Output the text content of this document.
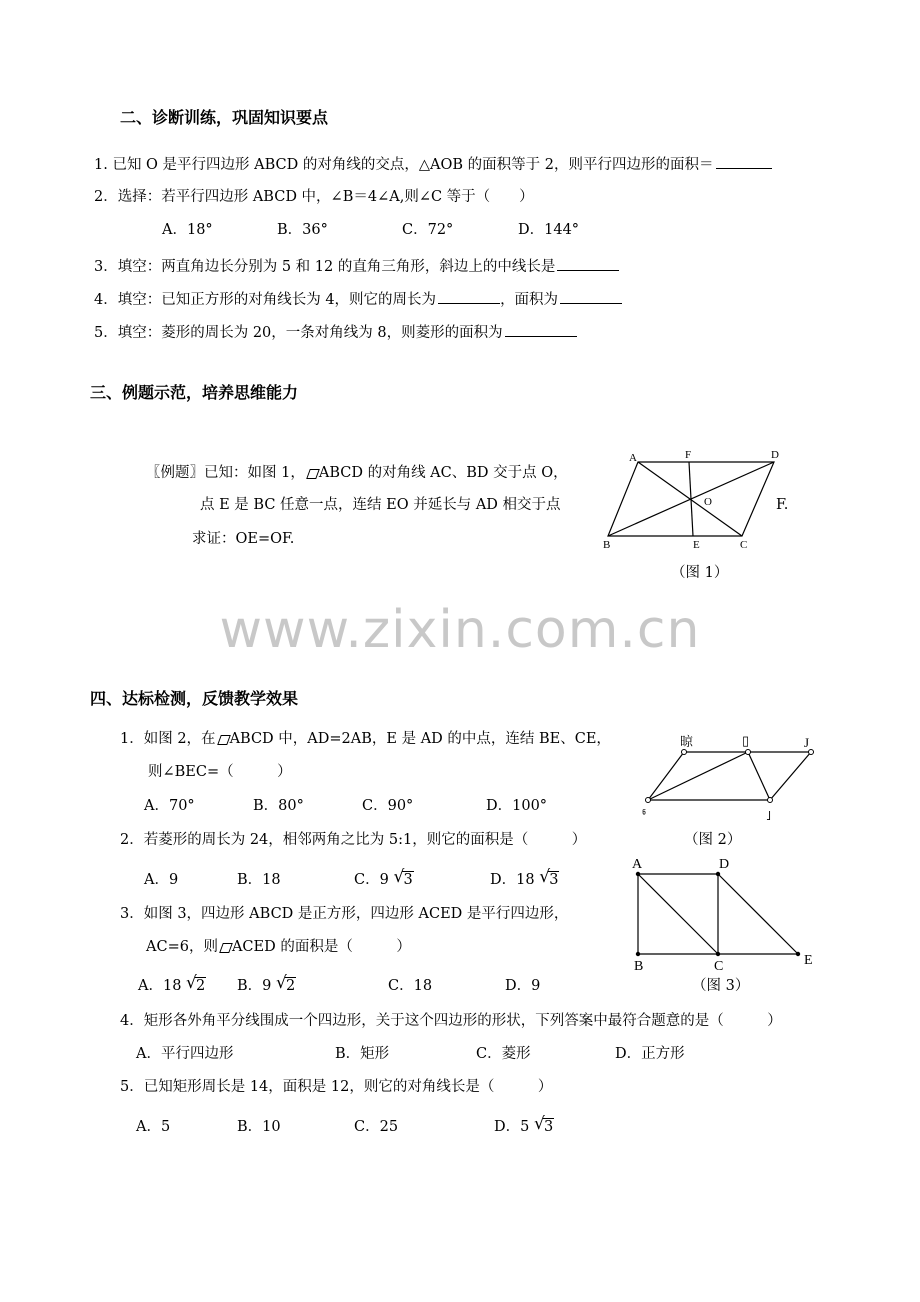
二、诊断训练，巩固知识要点
1. 已知 O 是平行四边形 ABCD 的对角线的交点，△AOB 的面积等于 2，则平行四边形的面积＝
2．选择：若平行四边形 ABCD 中，∠B＝4∠A,则∠C 等于（　　）
A．18°	B．36°	C．72°	D．144°
3．填空：两直角边长分别为 5 和 12 的直角三角形，斜边上的中线长是
4．填空：已知正方形的对角线长为 4，则它的周长为	，面积为
5．填空：菱形的周长为 20，一条对角线为 8，则菱形的面积为
三、例题示范，培养思维能力
〖例题〗已知：如图 1， ABCD 的对角线 AC、BD 交于点 O，
点 E 是 BC 任意一点，连结 EO 并延长与 AD 相交于点	F.
求证：OE=OF.
A	F	D
O
B	E	C
（图 1）
www.zixin.com.cn
四、达标检测，反馈教学效果
1．如图 2，在 ABCD 中，AD=2AB，E 是 AD 的中点，连结 BE、CE，
则∠BEC=（　　　）
A．70°	B．80°	C．90°	D．100°
晾	▯	J
ჼ	˩
2．若菱形的周长为 24，相邻两角之比为 5:1，则它的面积是（　　　）	（图 2）
A．9	B．18	C．9 √ 3	D．18 √ 3
3．如图 3，四边形 ABCD 是正方形，四边形 ACED 是平行四边形，
AC=6，则 ACED 的面积是（　　　）
A．18 √ 2 B．9 √ 2	C．18	D．9
A	D
B	C	E
（图 3）
4．矩形各外角平分线围成一个四边形，关于这个四边形的形状，下列答案中最符合题意的是（　　　）
A．平行四边形	B．矩形	C．菱形	D．正方形
5．已知矩形周长是 14，面积是 12，则它的对角线长是（　　　）
A．5	B．10	C．25	D．5 √ 3
